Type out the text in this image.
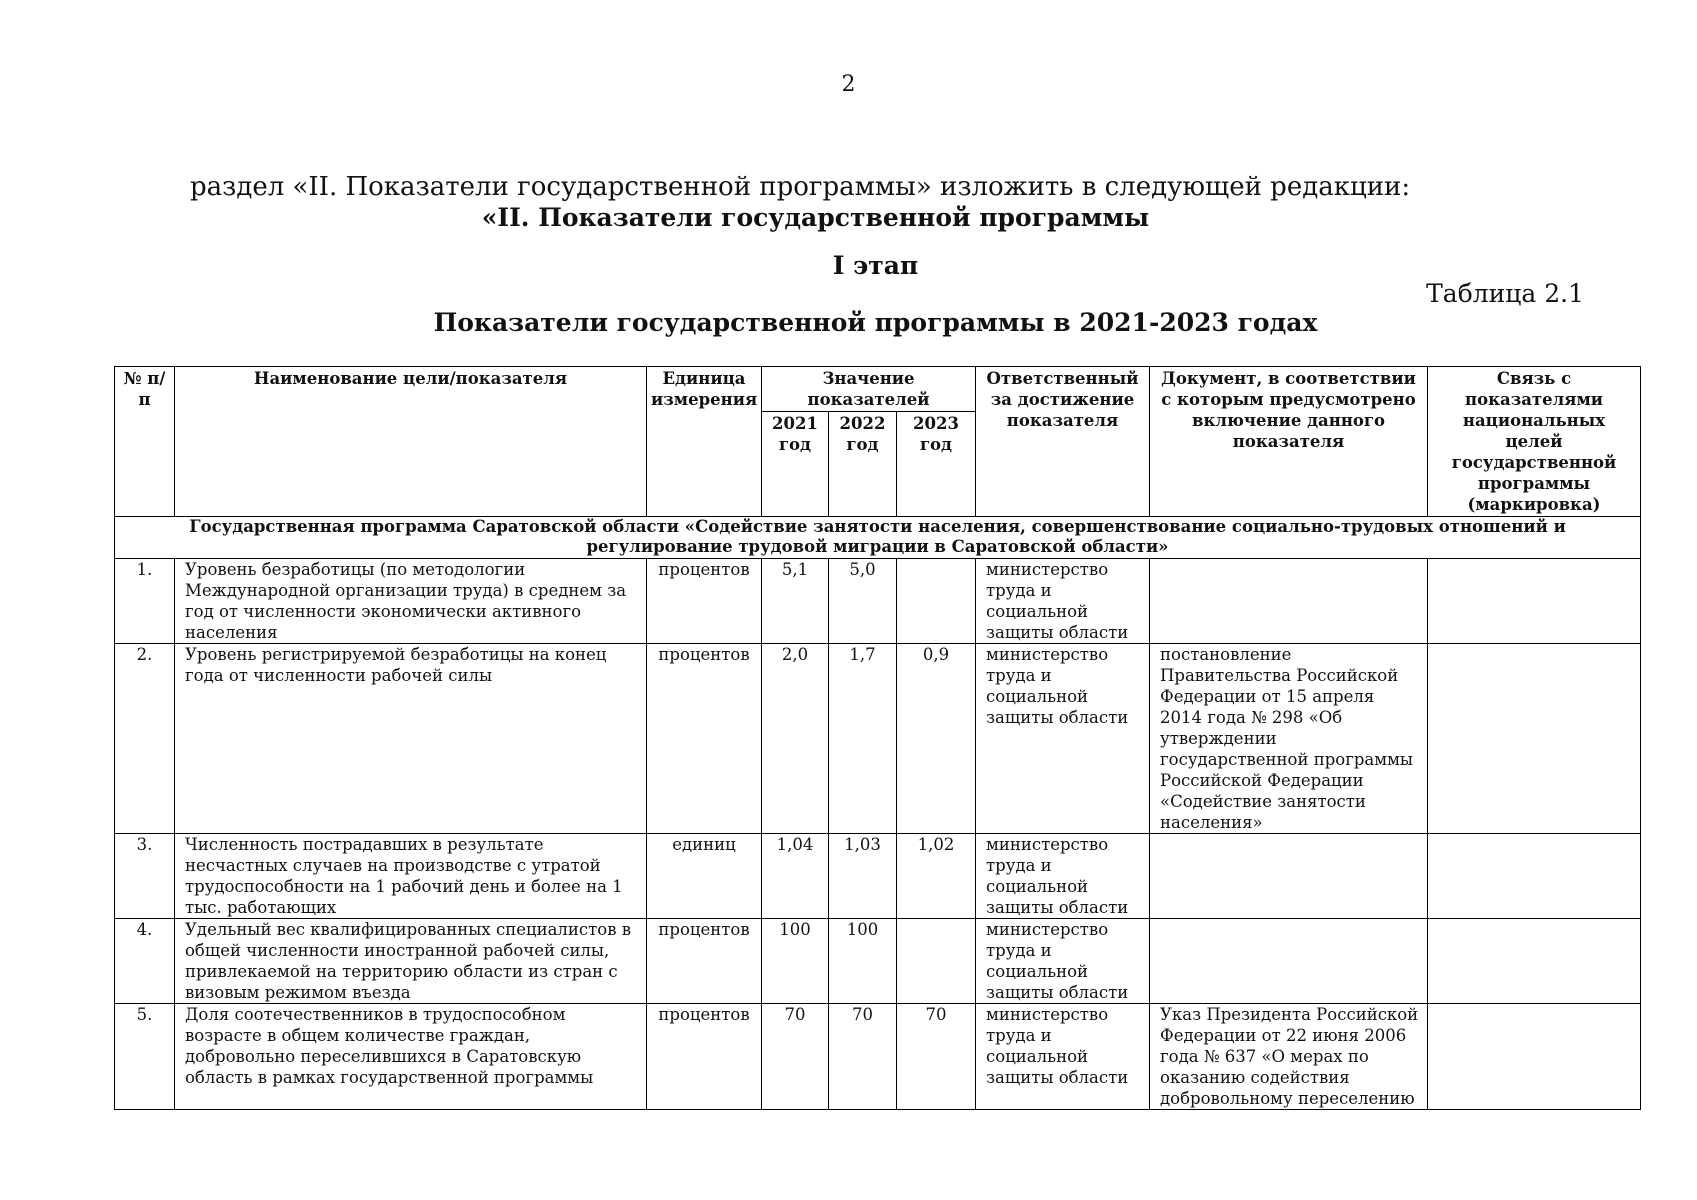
2
раздел «II. Показатели государственной программы» изложить в следующей редакции:
«II. Показатели государственной программы
I этап
Таблица 2.1
Показатели государственной программы в 2021-2023 годах
№ п/п	Наименование цели/показателя	Единица измерения	Значение показателей			Ответственный за достижение показателя	Документ, в соответствии с которым предусмотрено включение данного показателя	Связь с показателями национальных целей государственной программы (маркировка)
			2021 год	2022 год	2023 год			
Государственная программа Саратовской области «Содействие занятости населения, совершенствование социально-трудовых отношений и регулирование трудовой миграции в Саратовской области»								
1.	Уровень безработицы (по методологии Международной организации труда) в среднем за год от численности экономически активного населения	процентов	5,1	5,0		министерство труда и социальной защиты области		
2.	Уровень регистрируемой безработицы на конец года от численности рабочей силы	процентов	2,0	1,7	0,9	министерство труда и социальной защиты области	постановление Правительства Российской Федерации от 15 апреля 2014 года № 298 «Об утверждении государственной программы Российской Федерации «Содействие занятости населения»	
3.	Численность пострадавших в результате несчастных случаев на производстве с утратой трудоспособности на 1 рабочий день и более на 1 тыс. работающих	единиц	1,04	1,03	1,02	министерство труда и социальной защиты области		
4.	Удельный вес квалифицированных специалистов в общей численности иностранной рабочей силы, привлекаемой на территорию области из стран с визовым режимом въезда	процентов	100	100		министерство труда и социальной защиты области		
5.	Доля соотечественников в трудоспособном возрасте в общем количестве граждан, добровольно переселившихся в Саратовскую область в рамках государственной программы	процентов	70	70	70	министерство труда и социальной защиты области	Указ Президента Российской Федерации от 22 июня 2006 года № 637 «О мерах по оказанию содействия добровольному переселению	
